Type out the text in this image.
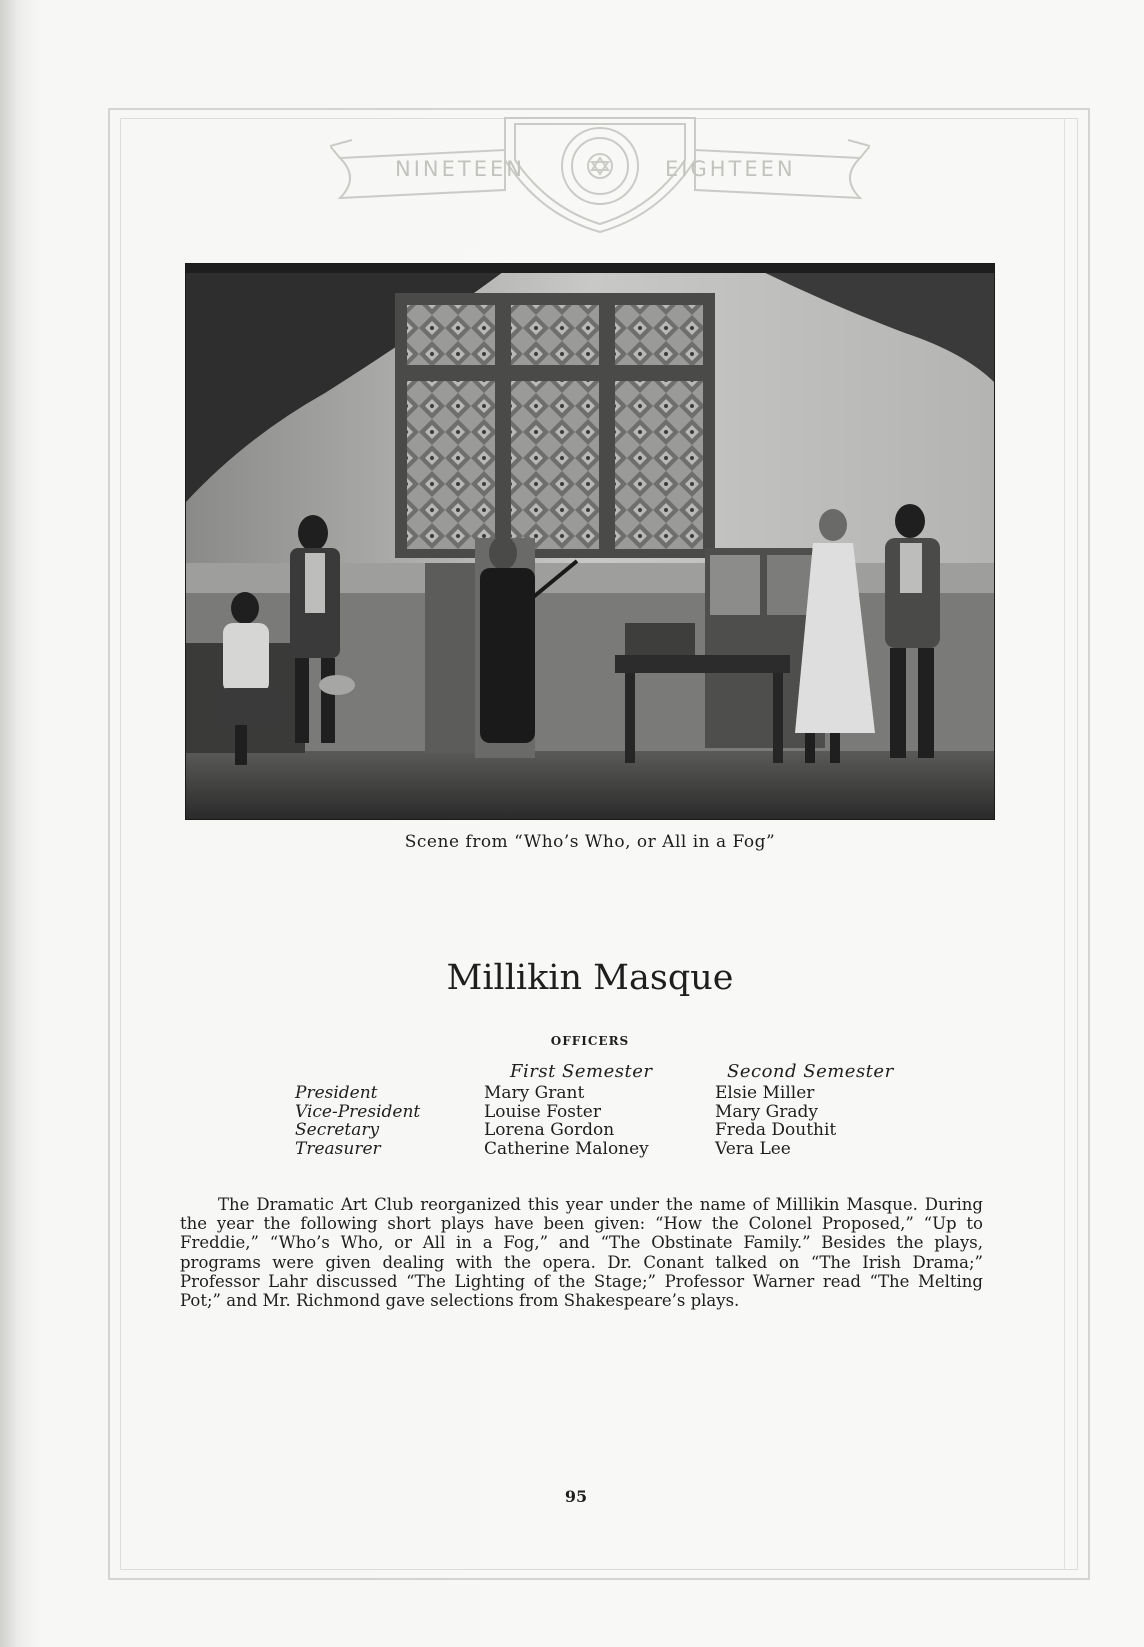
NINETEEN	EIGHTEEN
Scene from “Who’s Who, or All in a Fog”
Millikin Masque
OFFICERS
First Semester	Second Semester
President
Vice-President
Secretary
Treasurer
Mary Grant
Louise Foster
Lorena Gordon
Catherine Maloney
Elsie Miller
Mary Grady
Freda Douthit
Vera Lee

The Dramatic Art Club reorganized this year under the name of Millikin Masque. During the year the following short plays have been given: “How the Colonel Proposed,” “Up to Freddie,” “Who’s Who, or All in a Fog,” and “The Obstinate Family.” Besides the plays, programs were given dealing with the opera. Dr. Conant talked on “The Irish Drama;” Professor Lahr discussed “The Lighting of the Stage;” Professor Warner read “The Melting Pot;” and Mr. Richmond gave selections from Shakespeare’s plays.

95
